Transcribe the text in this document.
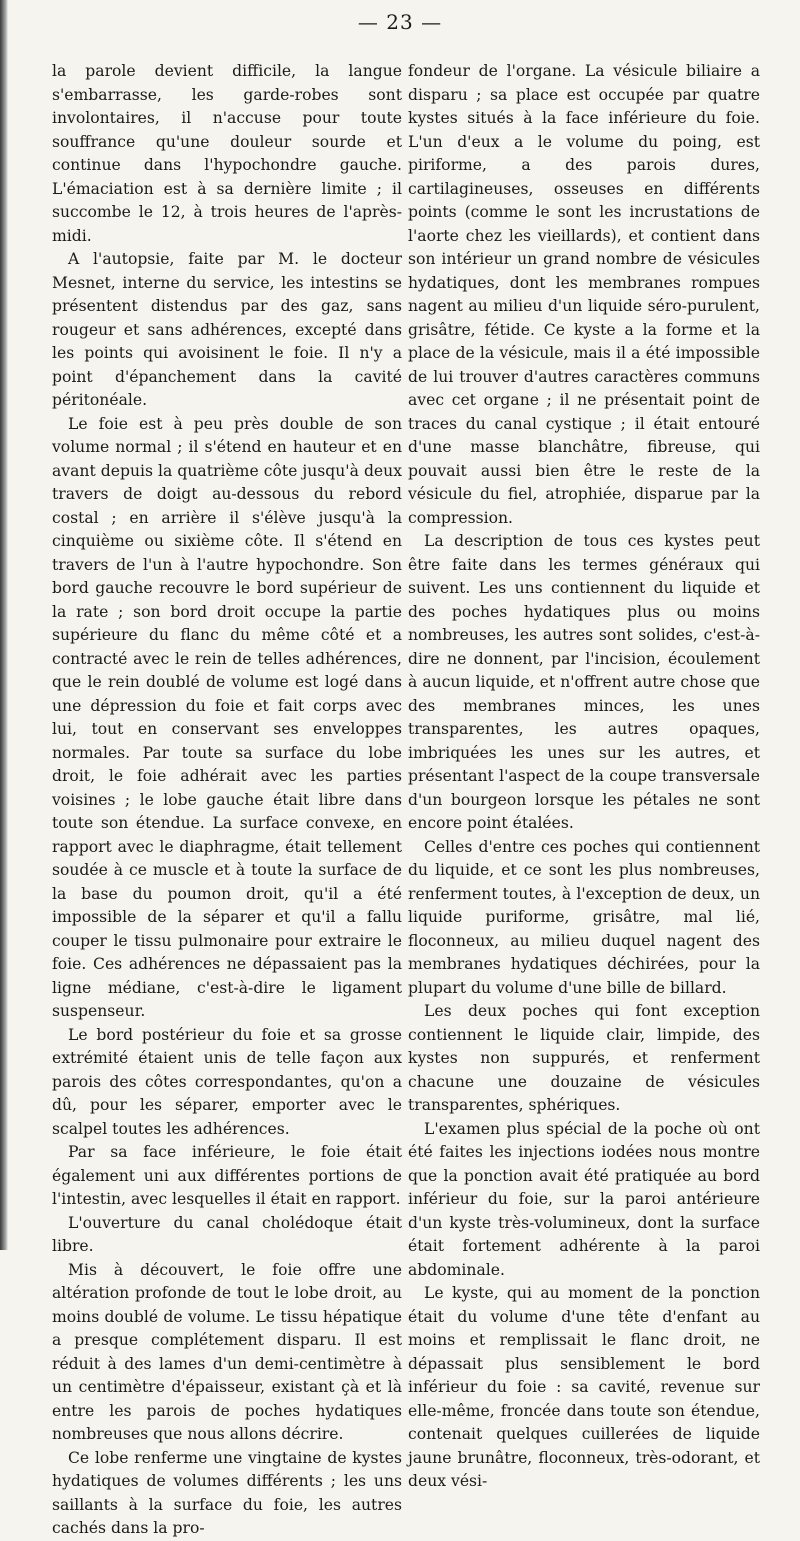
— 23 —

la parole devient difficile, la langue s'embarrasse, les garde-robes sont involontaires, il n'accuse pour toute souffrance qu'une douleur sourde et continue dans l'hypochondre gauche. L'émaciation est à sa dernière limite ; il succombe le 12, à trois heures de l'après-midi.

A l'autopsie, faite par M. le docteur Mesnet, interne du service, les intestins se présentent distendus par des gaz, sans rougeur et sans adhérences, excepté dans les points qui avoisinent le foie. Il n'y a point d'épanchement dans la cavité péritonéale.

Le foie est à peu près double de son volume normal ; il s'étend en hauteur et en avant depuis la quatrième côte jusqu'à deux travers de doigt au-dessous du rebord costal ; en arrière il s'élève jusqu'à la cinquième ou sixième côte. Il s'étend en travers de l'un à l'autre hypochondre. Son bord gauche recouvre le bord supérieur de la rate ; son bord droit occupe la partie supérieure du flanc du même côté et a contracté avec le rein de telles adhérences, que le rein doublé de volume est logé dans une dépression du foie et fait corps avec lui, tout en conservant ses enveloppes normales. Par toute sa surface du lobe droit, le foie adhérait avec les parties voisines ; le lobe gauche était libre dans toute son étendue. La surface convexe, en rapport avec le diaphragme, était tellement soudée à ce muscle et à toute la surface de la base du poumon droit, qu'il a été impossible de la séparer et qu'il a fallu couper le tissu pulmonaire pour extraire le foie. Ces adhérences ne dépassaient pas la ligne médiane, c'est-à-dire le ligament suspenseur.

Le bord postérieur du foie et sa grosse extrémité étaient unis de telle façon aux parois des côtes correspondantes, qu'on a dû, pour les séparer, emporter avec le scalpel toutes les adhérences.

Par sa face inférieure, le foie était également uni aux différentes portions de l'intestin, avec lesquelles il était en rapport.

L'ouverture du canal cholédoque était libre.

Mis à découvert, le foie offre une altération profonde de tout le lobe droit, au moins doublé de volume. Le tissu hépatique a presque complétement disparu. Il est réduit à des lames d'un demi-centimètre à un centimètre d'épaisseur, existant çà et là entre les parois de poches hydatiques nombreuses que nous allons décrire.

Ce lobe renferme une vingtaine de kystes hydatiques de volumes différents ; les uns saillants à la surface du foie, les autres cachés dans la pro-

fondeur de l'organe. La vésicule biliaire a disparu ; sa place est occupée par quatre kystes situés à la face inférieure du foie. L'un d'eux a le volume du poing, est piriforme, a des parois dures, cartilagineuses, osseuses en différents points (comme le sont les incrustations de l'aorte chez les vieillards), et contient dans son intérieur un grand nombre de vésicules hydatiques, dont les membranes rompues nagent au milieu d'un liquide séro-purulent, grisâtre, fétide. Ce kyste a la forme et la place de la vésicule, mais il a été impossible de lui trouver d'autres caractères communs avec cet organe ; il ne présentait point de traces du canal cystique ; il était entouré d'une masse blanchâtre, fibreuse, qui pouvait aussi bien être le reste de la vésicule du fiel, atrophiée, disparue par la compression.

La description de tous ces kystes peut être faite dans les termes généraux qui suivent. Les uns contiennent du liquide et des poches hydatiques plus ou moins nombreuses, les autres sont solides, c'est-à-dire ne donnent, par l'incision, écoulement à aucun liquide, et n'offrent autre chose que des membranes minces, les unes transparentes, les autres opaques, imbriquées les unes sur les autres, et présentant l'aspect de la coupe transversale d'un bourgeon lorsque les pétales ne sont encore point étalées.

Celles d'entre ces poches qui contiennent du liquide, et ce sont les plus nombreuses, renferment toutes, à l'exception de deux, un liquide puriforme, grisâtre, mal lié, floconneux, au milieu duquel nagent des membranes hydatiques déchirées, pour la plupart du volume d'une bille de billard.

Les deux poches qui font exception contiennent le liquide clair, limpide, des kystes non suppurés, et renferment chacune une douzaine de vésicules transparentes, sphériques.

L'examen plus spécial de la poche où ont été faites les injections iodées nous montre que la ponction avait été pratiquée au bord inférieur du foie, sur la paroi antérieure d'un kyste très-volumineux, dont la surface était fortement adhérente à la paroi abdominale.

Le kyste, qui au moment de la ponction était du volume d'une tête d'enfant au moins et remplissait le flanc droit, ne dépassait plus sensiblement le bord inférieur du foie : sa cavité, revenue sur elle-même, froncée dans toute son étendue, contenait quelques cuillerées de liquide jaune brunâtre, floconneux, très-odorant, et deux vési-
